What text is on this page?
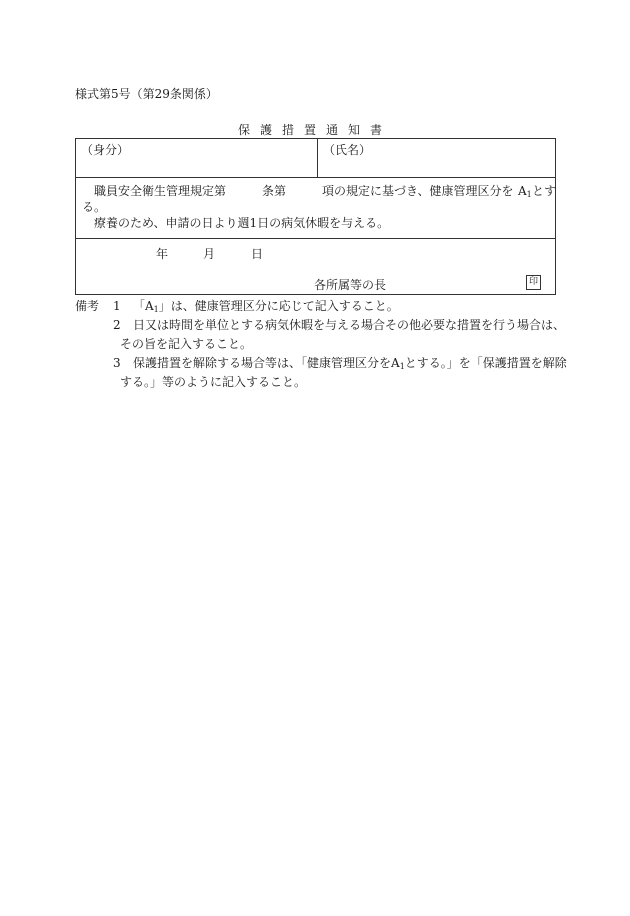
様式第5号（第29条関係）
保護措置通知書
（身分）	（氏名）
職員安全衛生管理規定第	条第	項の規定に基づき、健康管理区分を $A_1$ とす
る。
療養のため、申請の日より週1日の病気休暇を与える。
年	月	日
各所属等の長	印
備考 1 「$A_1$」は、健康管理区分に応じて記入すること。
2 日又は時間を単位とする病気休暇を与える場合その他必要な措置を行う場合は、
その旨を記入すること。
3 保護措置を解除する場合等は、「健康管理区分を$A_1$とする。」を「保護措置を解除
する。」等のように記入すること。
